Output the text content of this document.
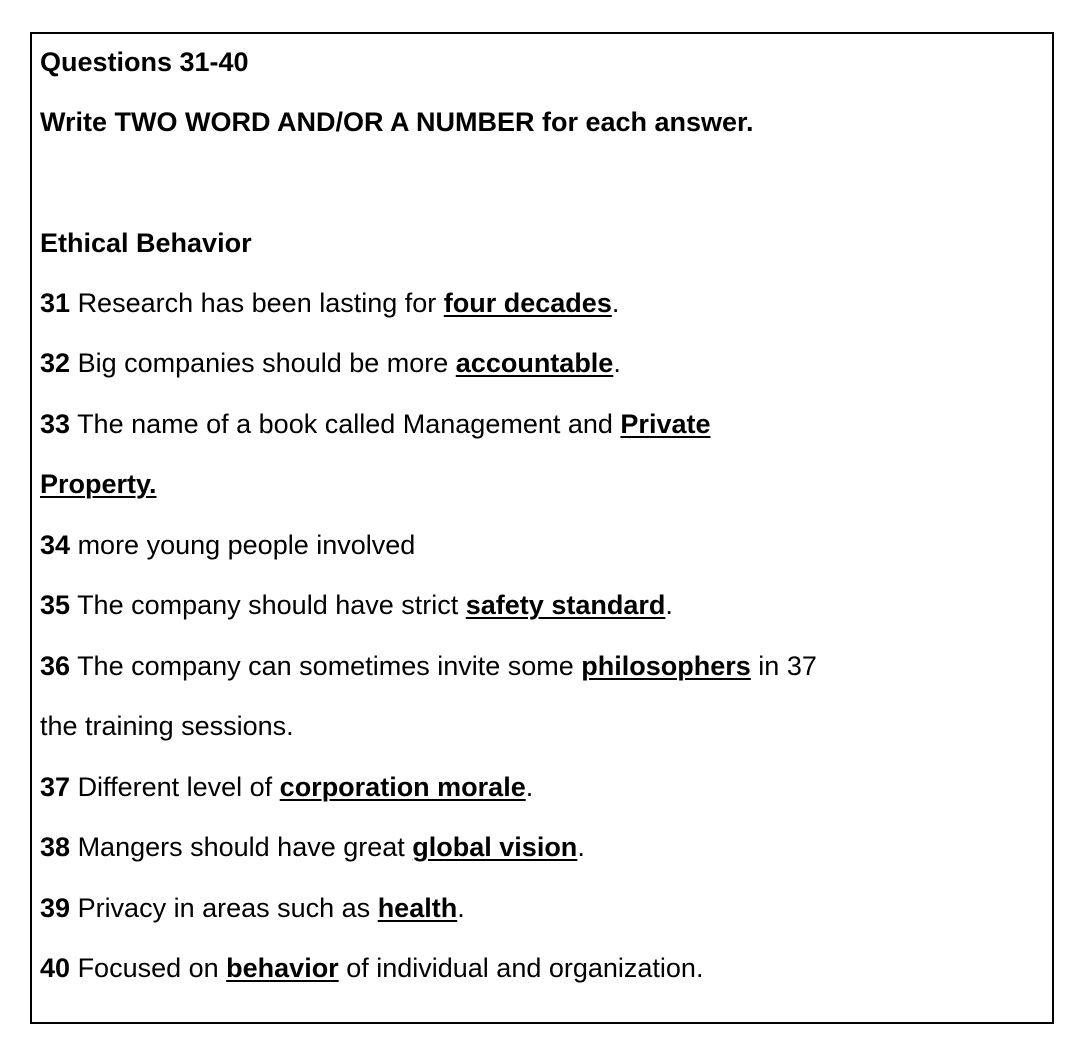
Questions 31-40
Write TWO WORD AND/OR A NUMBER for each answer.
Ethical Behavior
31 Research has been lasting for four decades.
32 Big companies should be more accountable.
33 The name of a book called Management and Private
Property.
34 more young people involved
35 The company should have strict safety standard.
36 The company can sometimes invite some philosophers in 37
the training sessions.
37 Different level of corporation morale.
38 Mangers should have great global vision.
39 Privacy in areas such as health.
40 Focused on behavior of individual and organization.
